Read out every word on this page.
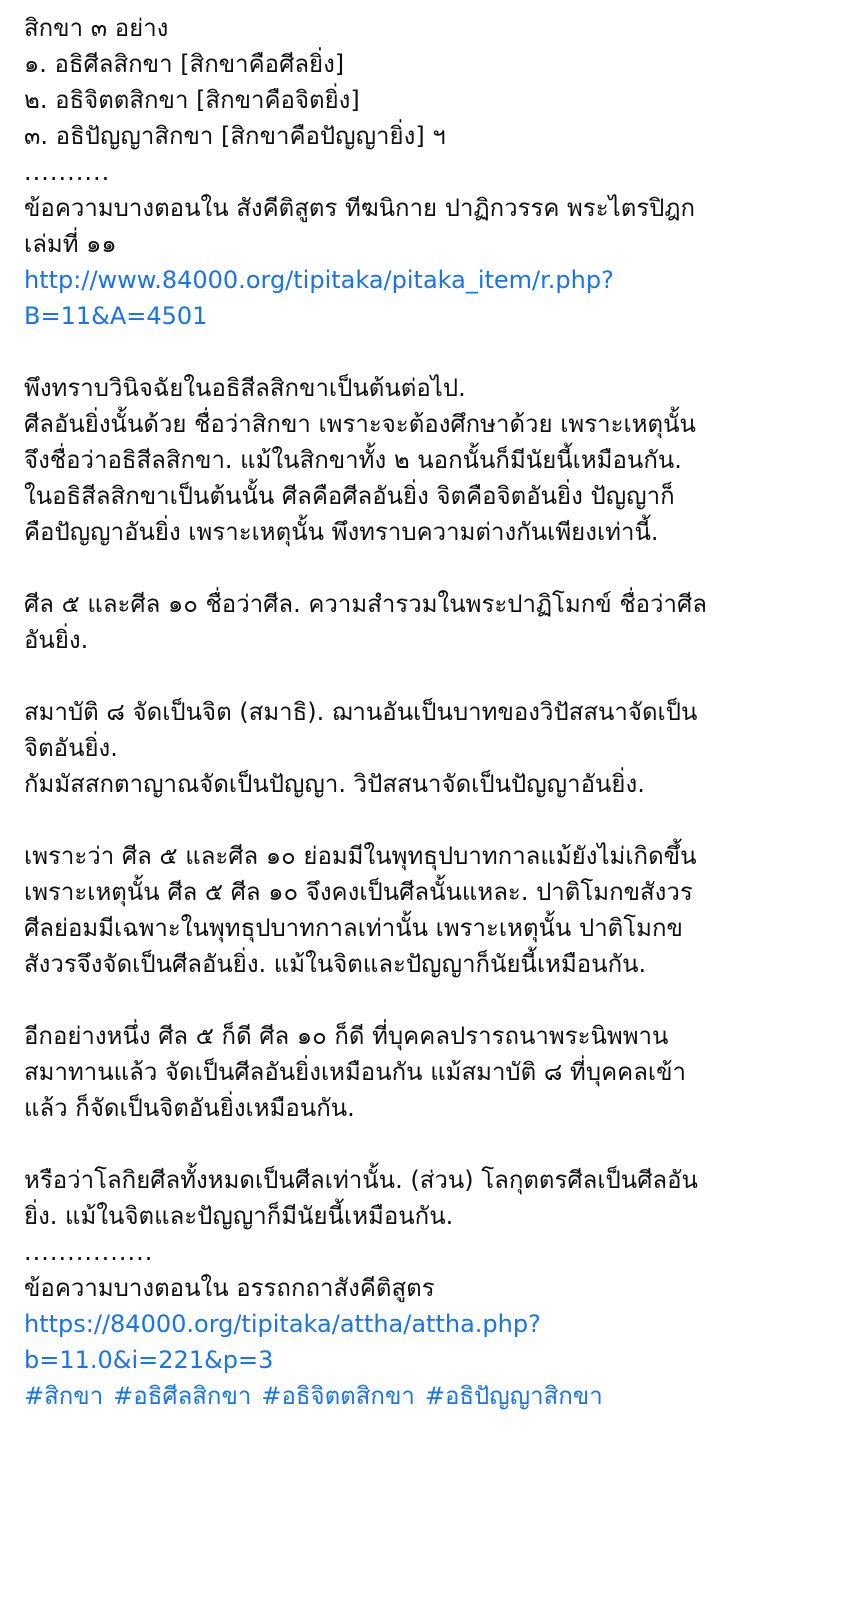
สิกขา ๓ อย่าง
๑. อธิศีลสิกขา [สิกขาคือศีลยิ่ง]
๒. อธิจิตตสิกขา [สิกขาคือจิตยิ่ง]
๓. อธิปัญญาสิกขา [สิกขาคือปัญญายิ่ง] ฯ
..........
ข้อความบางตอนใน สังคีติสูตร ทีฆนิกาย ปาฏิกวรรค พระไตรปิฎก
เล่มที่ ๑๑
http://www.84000.org/tipitaka/pitaka_item/r.php?
B=11&A=4501
พึงทราบวินิจฉัยในอธิสีลสิกขาเป็นต้นต่อไป.
ศีลอันยิ่งนั้นด้วย ชื่อว่าสิกขา เพราะจะต้องศึกษาด้วย เพราะเหตุนั้น
จึงชื่อว่าอธิสีลสิกขา. แม้ในสิกขาทั้ง ๒ นอกนั้นก็มีนัยนี้เหมือนกัน.
ในอธิสีลสิกขาเป็นต้นนั้น ศีลคือศีลอันยิ่ง จิตคือจิตอันยิ่ง ปัญญาก็
คือปัญญาอันยิ่ง เพราะเหตุนั้น พึงทราบความต่างกันเพียงเท่านี้.
ศีล ๕ และศีล ๑๐ ชื่อว่าศีล. ความสำรวมในพระปาฏิโมกข์ ชื่อว่าศีล
อันยิ่ง.
สมาบัติ ๘ จัดเป็นจิต (สมาธิ). ฌานอันเป็นบาทของวิปัสสนาจัดเป็น
จิตอันยิ่ง.
กัมมัสสกตาญาณจัดเป็นปัญญา. วิปัสสนาจัดเป็นปัญญาอันยิ่ง.
เพราะว่า ศีล ๕ และศีล ๑๐ ย่อมมีในพุทธุปบาทกาลแม้ยังไม่เกิดขึ้น
เพราะเหตุนั้น ศีล ๕ ศีล ๑๐ จึงคงเป็นศีลนั้นแหละ. ปาติโมกขสังวร
ศีลย่อมมีเฉพาะในพุทธุปบาทกาลเท่านั้น เพราะเหตุนั้น ปาติโมกข
สังวรจึงจัดเป็นศีลอันยิ่ง. แม้ในจิตและปัญญาก็นัยนี้เหมือนกัน.
อีกอย่างหนึ่ง ศีล ๕ ก็ดี ศีล ๑๐ ก็ดี ที่บุคคลปรารถนาพระนิพพาน
สมาทานแล้ว จัดเป็นศีลอันยิ่งเหมือนกัน แม้สมาบัติ ๘ ที่บุคคลเข้า
แล้ว ก็จัดเป็นจิตอันยิ่งเหมือนกัน.
หรือว่าโลกิยศีลทั้งหมดเป็นศีลเท่านั้น. (ส่วน) โลกุตตรศีลเป็นศีลอัน
ยิ่ง. แม้ในจิตและปัญญาก็มีนัยนี้เหมือนกัน.
...............
ข้อความบางตอนใน อรรถกถาสังคีติสูตร
https://84000.org/tipitaka/attha/attha.php?
b=11.0&i=221&p=3
#สิกขา #อธิศีลสิกขา #อธิจิตตสิกขา #อธิปัญญาสิกขา
